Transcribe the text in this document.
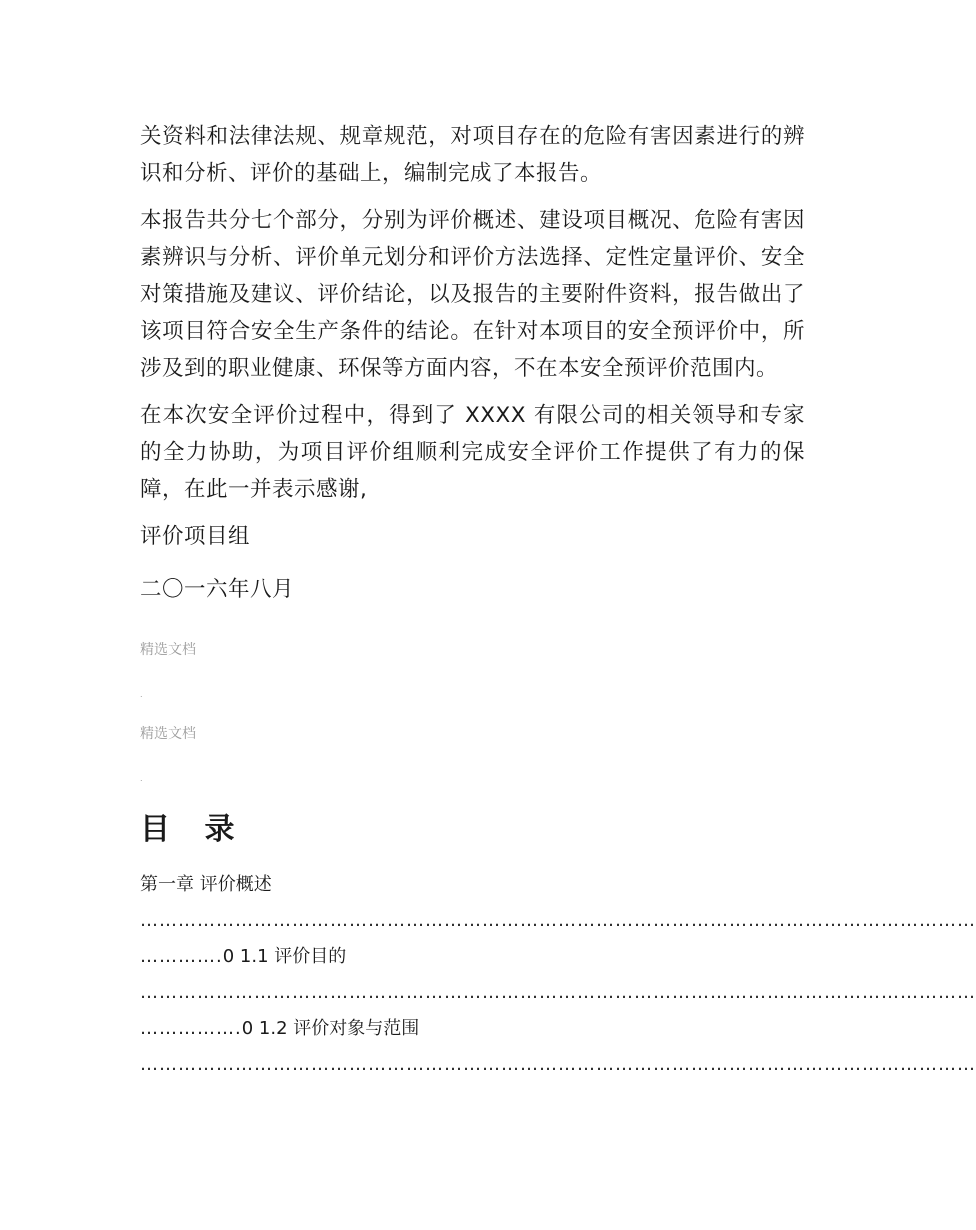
关资料和法律法规、规章规范，对项目存在的危险有害因素进行的辨识和分析、评价的基础上，编制完成了本报告。

本报告共分七个部分，分别为评价概述、建设项目概况、危险有害因素辨识与分析、评价单元划分和评价方法选择、定性定量评价、安全对策措施及建议、评价结论，以及报告的主要附件资料，报告做出了该项目符合安全生产条件的结论。在针对本项目的安全预评价中，所涉及到的职业健康、环保等方面内容，不在本安全预评价范围内。

在本次安全评价过程中，得到了 XXXX 有限公司的相关领导和专家的全力协助，为项目评价组顺利完成安全评价工作提供了有力的保障，在此一并表示感谢,

评价项目组

二〇一六年八月

精选文档

.

精选文档

.

目 录

第一章 评价概述

……………………………………………………………………………………………………………………
………….0 1.1 评价目的
……………………………………………………………………………………………………………………
…………….0 1.2 评价对象与范围
……………………………………………………………………………………………………………………
